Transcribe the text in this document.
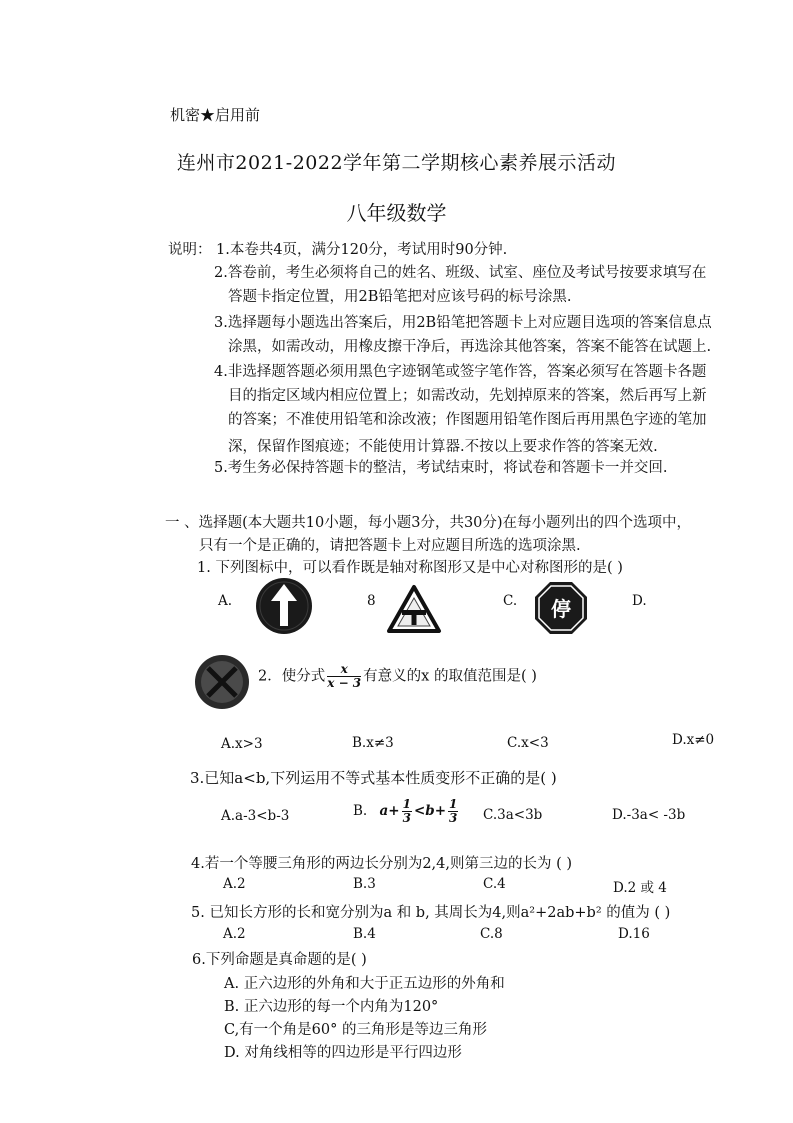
机密★启用前
连州市2021-2022学年第二学期核心素养展示活动
八年级数学
说明： 1.本卷共4页，满分120分，考试用时90分钟.
2.答卷前，考生必须将自己的姓名、班级、试室、座位及考试号按要求填写在
答题卡指定位置，用2B铅笔把对应该号码的标号涂黑.
3.选择题每小题选出答案后，用2B铅笔把答题卡上对应题目选项的答案信息点
涂黑，如需改动，用橡皮擦干净后，再选涂其他答案，答案不能答在试题上.
4.非选择题答题必须用黑色字迹钢笔或签字笔作答，答案必须写在答题卡各题
目的指定区域内相应位置上；如需改动，先划掉原来的答案，然后再写上新
的答案；不准使用铅笔和涂改液；作图题用铅笔作图后再用黑色字迹的笔加
深，保留作图痕迹；不能使用计算器.不按以上要求作答的答案无效.
5.考生务必保持答题卡的整洁，考试结束时，将试卷和答题卡一并交回.
一 、选择题(本大题共10小题，每小题3分，共30分)在每小题列出的四个选项中，
只有一个是正确的，请把答题卡上对应题目所选的选项涂黑.
1. 下列图标中，可以看作既是轴对称图形又是中心对称图形的是( )
A.	8	C. 停	D.
2．使分式 $\frac{x}{x - 3}$ 有意义的x 的取值范围是( )
A.x>3	B.x≠3	C.x<3	D.x≠0
3.已知a<b,下列运用不等式基本性质变形不正确的是( )
A.a-3<b-3	B. $a+ \frac{1}{3} <b+ \frac{1}{3} C.3a<3b$	D.-3a< -3b
4.若一个等腰三角形的两边长分别为2,4,则第三边的长为 ( )
A.2	B.3	C.4	D.2 或 4
5. 已知长方形的长和宽分别为a 和 b, 其周长为4,则a²+2ab+b² 的值为 ( )
A.2	B.4	C.8	D.16
6.下列命题是真命题的是( )
A. 正六边形的外角和大于正五边形的外角和
B. 正六边形的每一个内角为120°
C,有一个角是60° 的三角形是等边三角形
D. 对角线相等的四边形是平行四边形
